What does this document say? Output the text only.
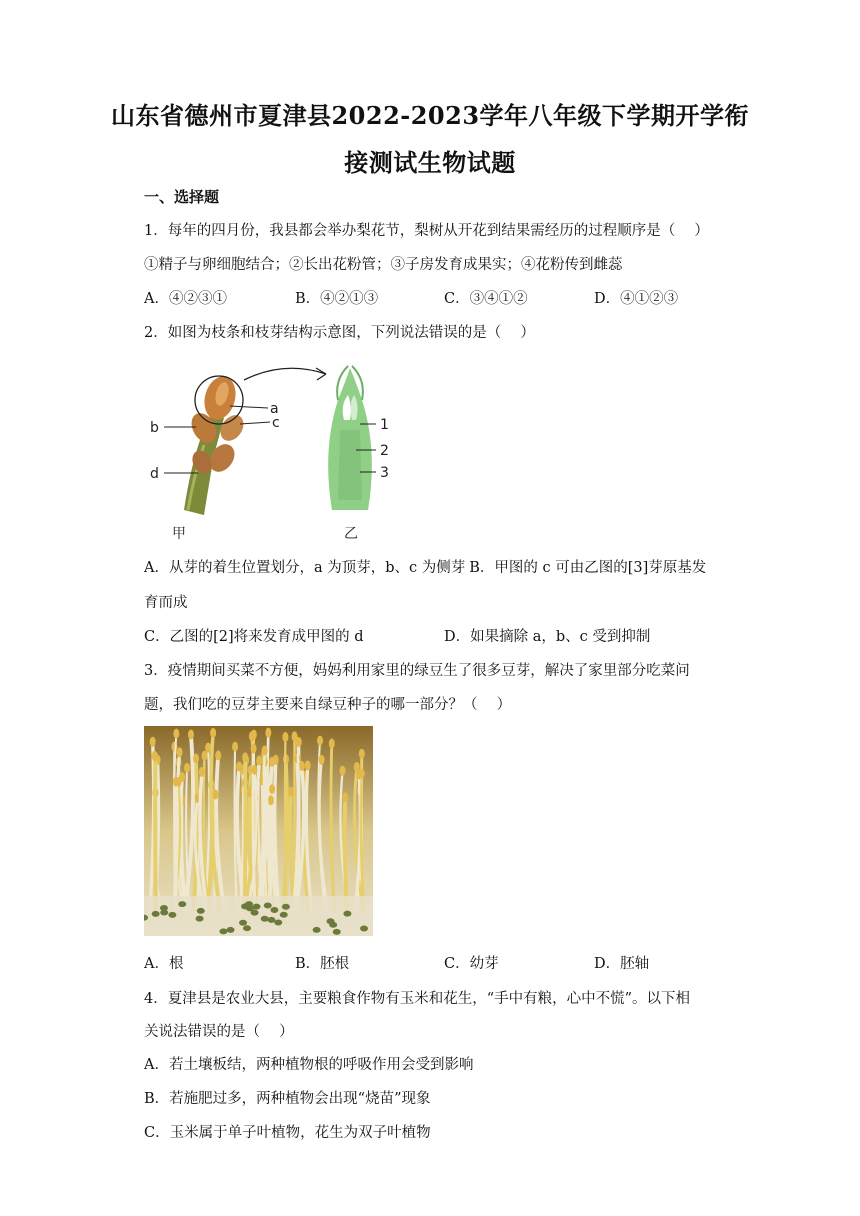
山东省德州市夏津县2022-2023学年八年级下学期开学衔
接测试生物试题
一、选择题
1．每年的四月份，我县都会举办梨花节，梨树从开花到结果需经历的过程顺序是（　 ）
①精子与卵细胞结合；②长出花粉管；③子房发育成果实；④花粉传到雌蕊
A．④②③①	B．④②①③	C．③④①②	D．④①②③
2．如图为枝条和枝芽结构示意图，下列说法错误的是（　 ）
a
c
b
d
甲
1
2
3
乙
A．从芽的着生位置划分，a 为顶芽，b、c 为侧芽 B．甲图的 c 可由乙图的[3]芽原基发
育而成
C．乙图的[2]将来发育成甲图的 d	D．如果摘除 a，b、c 受到抑制
3．疫情期间买菜不方便，妈妈利用家里的绿豆生了很多豆芽，解决了家里部分吃菜问
题，我们吃的豆芽主要来自绿豆种子的哪一部分？（　 ）
A．根	B．胚根	C．幼芽	D．胚轴
4．夏津县是农业大县，主要粮食作物有玉米和花生，“手中有粮，心中不慌”。以下相
关说法错误的是（　 ）
A．若土壤板结，两种植物根的呼吸作用会受到影响
B．若施肥过多，两种植物会出现“烧苗”现象
C．玉米属于单子叶植物，花生为双子叶植物
